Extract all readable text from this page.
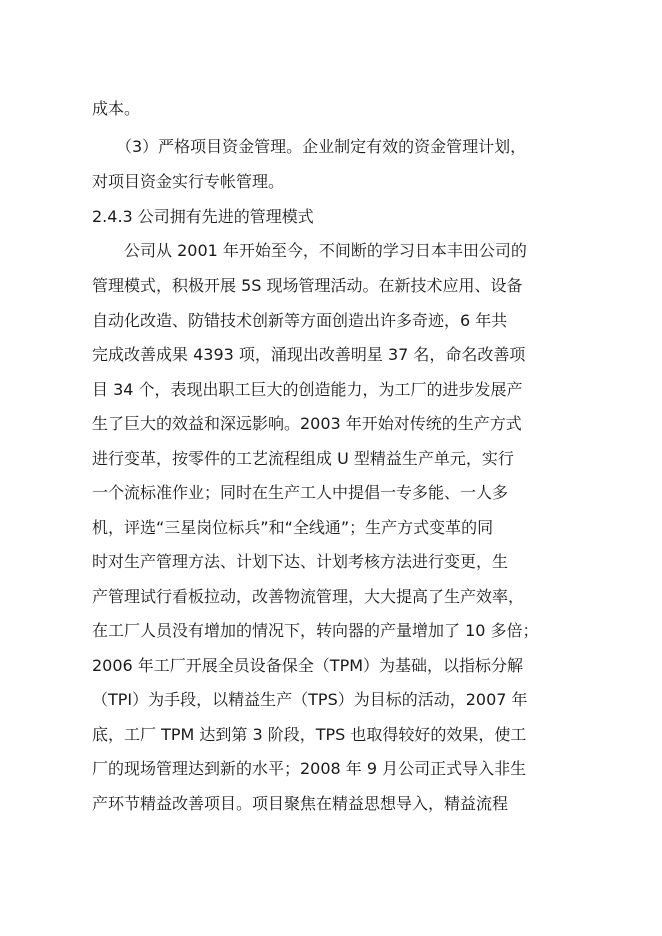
成本。
　　（3）严格项目资金管理。企业制定有效的资金管理计划，
对项目资金实行专帐管理。
2.4.3 公司拥有先进的管理模式
　　公司从 2001 年开始至今，不间断的学习日本丰田公司的
管理模式，积极开展 5S 现场管理活动。在新技术应用、设备
自动化改造、防错技术创新等方面创造出许多奇迹，6 年共
完成改善成果 4393 项，涌现出改善明星 37 名，命名改善项
目 34 个，表现出职工巨大的创造能力，为工厂的进步发展产
生了巨大的效益和深远影响。2003 年开始对传统的生产方式
进行变革，按零件的工艺流程组成 U 型精益生产单元，实行
一个流标准作业；同时在生产工人中提倡一专多能、一人多
机，评选“三星岗位标兵”和“全线通”；生产方式变革的同
时对生产管理方法、计划下达、计划考核方法进行变更，生
产管理试行看板拉动，改善物流管理，大大提高了生产效率，
在工厂人员没有增加的情况下，转向器的产量增加了 10 多倍；
2006 年工厂开展全员设备保全（TPM）为基础，以指标分解
（TPI）为手段，以精益生产（TPS）为目标的活动，2007 年
底，工厂 TPM 达到第 3 阶段，TPS 也取得较好的效果，使工
厂的现场管理达到新的水平；2008 年 9 月公司正式导入非生
产环节精益改善项目。项目聚焦在精益思想导入，精益流程
